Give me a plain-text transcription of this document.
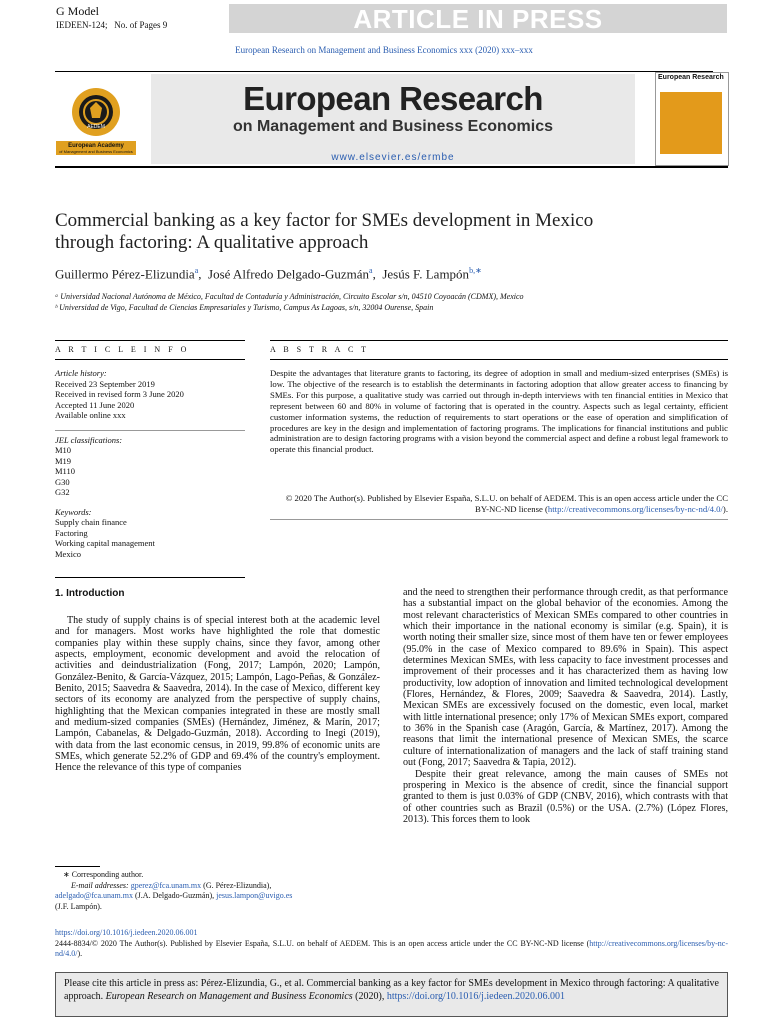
G Model
IEDEEN-124; No. of Pages 9	ARTICLE IN PRESS
European Research on Management and Business Economics xxx (2020) xxx–xxx
European Academy
of Management and Business Economics
AEDEM
European Research
on Management and Business Economics
www.elsevier.es/ermbe
European Research
Commercial banking as a key factor for SMEs development in Mexico
through factoring: A qualitative approach
Guillermo Pérez-Elizundia$^a$,  José Alfredo Delgado-Guzmán$^a$,  Jesús F. Lampón$^{b,∗}$
ᵃ Universidad Nacional Autónoma de México, Facultad de Contaduría y Administración, Circuito Escolar s/n, 04510 Coyoacán (CDMX), Mexico
ᵇ Universidad de Vigo, Facultad de Ciencias Empresariales y Turismo, Campus As Lagoas, s/n, 32004 Ourense, Spain
A R T I C L E I N F O	A B S T R A C T
Article history:
Received 23 September 2019
Received in revised form 3 June 2020
Accepted 11 June 2020
Available online xxx
JEL classifications:
M10
M19
M110
G30
G32
Keywords:
Supply chain finance
Factoring
Working capital management
Mexico
Despite the advantages that literature grants to factoring, its degree of adoption in small and medium-sized enterprises (SMEs) is low. The objective of the research is to establish the determinants in factoring adoption that allow greater access to financing by SMEs. For this purpose, a qualitative study was carried out through in-depth interviews with ten financial entities in Mexico that represent between 60 and 80% in volume of factoring that is operated in the country. Aspects such as legal certainty, efficient customer information systems, the reduction of requirements to start operations or the ease of operation and simplification of procedures are key in the design and implementation of factoring programs. The implications for financial institutions and public administration are to design factoring programs with a vision beyond the commercial aspect and define a robust legal framework to operate this financial product.
© 2020 The Author(s). Published by Elsevier España, S.L.U. on behalf of AEDEM. This is an open access article under the CC BY-NC-ND license (http://creativecommons.org/licenses/by-nc-nd/4.0/).
1. Introduction
The study of supply chains is of special interest both at the academic level and for managers. Most works have highlighted the role that domestic companies play within these supply chains, since they favor, among other aspects, employment, economic development and avoid the relocation of activities and deindustrialization (Fong, 2017; Lampón, 2020; Lampón, González-Benito, & García-Vázquez, 2015; Lampón, Lago-Peñas, & González-Benito, 2015; Saavedra & Saavedra, 2014). In the case of Mexico, different key sectors of its economy are analyzed from the perspective of supply chains, highlighting that the Mexican companies integrated in these are mostly small and medium-sized companies (SMEs) (Hernández, Jiménez, & Marín, 2017; Lampón, Cabanelas, & Delgado-Guzmán, 2018). According to Inegi (2019), with data from the last economic census, in 2019, 99.8% of economic units are SMEs, which generate 52.2% of GDP and 69.4% of the country's employment. Hence the relevance of this type of companies
and the need to strengthen their performance through credit, as that performance has a substantial impact on the global behavior of the economies. Among the most relevant characteristics of Mexican SMEs compared to other countries in which their importance in the national economy is similar (e.g. Spain), it is worth noting their smaller size, since most of them have ten or fewer employees (95.0% in the case of Mexico compared to 89.6% in Spain). This aspect determines Mexican SMEs, with less capacity to face investment processes and improvement of their processes and it has characterized them as having low productivity, low adoption of innovation and limited technological development (Flores, Hernández, & Flores, 2009; Saavedra & Saavedra, 2014). Lastly, Mexican SMEs are excessively focused on the domestic, even local, market with little international presence; only 17% of Mexican SMEs export, compared to 36% in the Spanish case (Aragón, García, & Martínez, 2017). Among the reasons that limit the international presence of Mexican SMEs, the scarce culture of internationalization of managers and the lack of staff training stand out (Fong, 2017; Saavedra & Tapia, 2012).
Despite their great relevance, among the main causes of SMEs not prospering in Mexico is the absence of credit, since the financial support granted to them is just 0.03% of GDP (CNBV, 2016), which contrasts with that of other countries such as Brazil (0.5%) or the USA. (2.7%) (López Flores, 2013). This forces them to look
∗ Corresponding author.
E-mail addresses: gperez@fca.unam.mx (G. Pérez-Elizundia),
adelgado@fca.unam.mx (J.A. Delgado-Guzmán), jesus.lampon@uvigo.es
(J.F. Lampón).
https://doi.org/10.1016/j.iedeen.2020.06.001
2444-8834/© 2020 The Author(s). Published by Elsevier España, S.L.U. on behalf of AEDEM. This is an open access article under the CC BY-NC-ND license (http://creativecommons.org/licenses/by-nc-nd/4.0/).
Please cite this article in press as: Pérez-Elizundia, G., et al. Commercial banking as a key factor for SMEs development in Mexico through factoring: A qualitative approach. European Research on Management and Business Economics (2020), https://doi.org/10.1016/j.iedeen.2020.06.001
